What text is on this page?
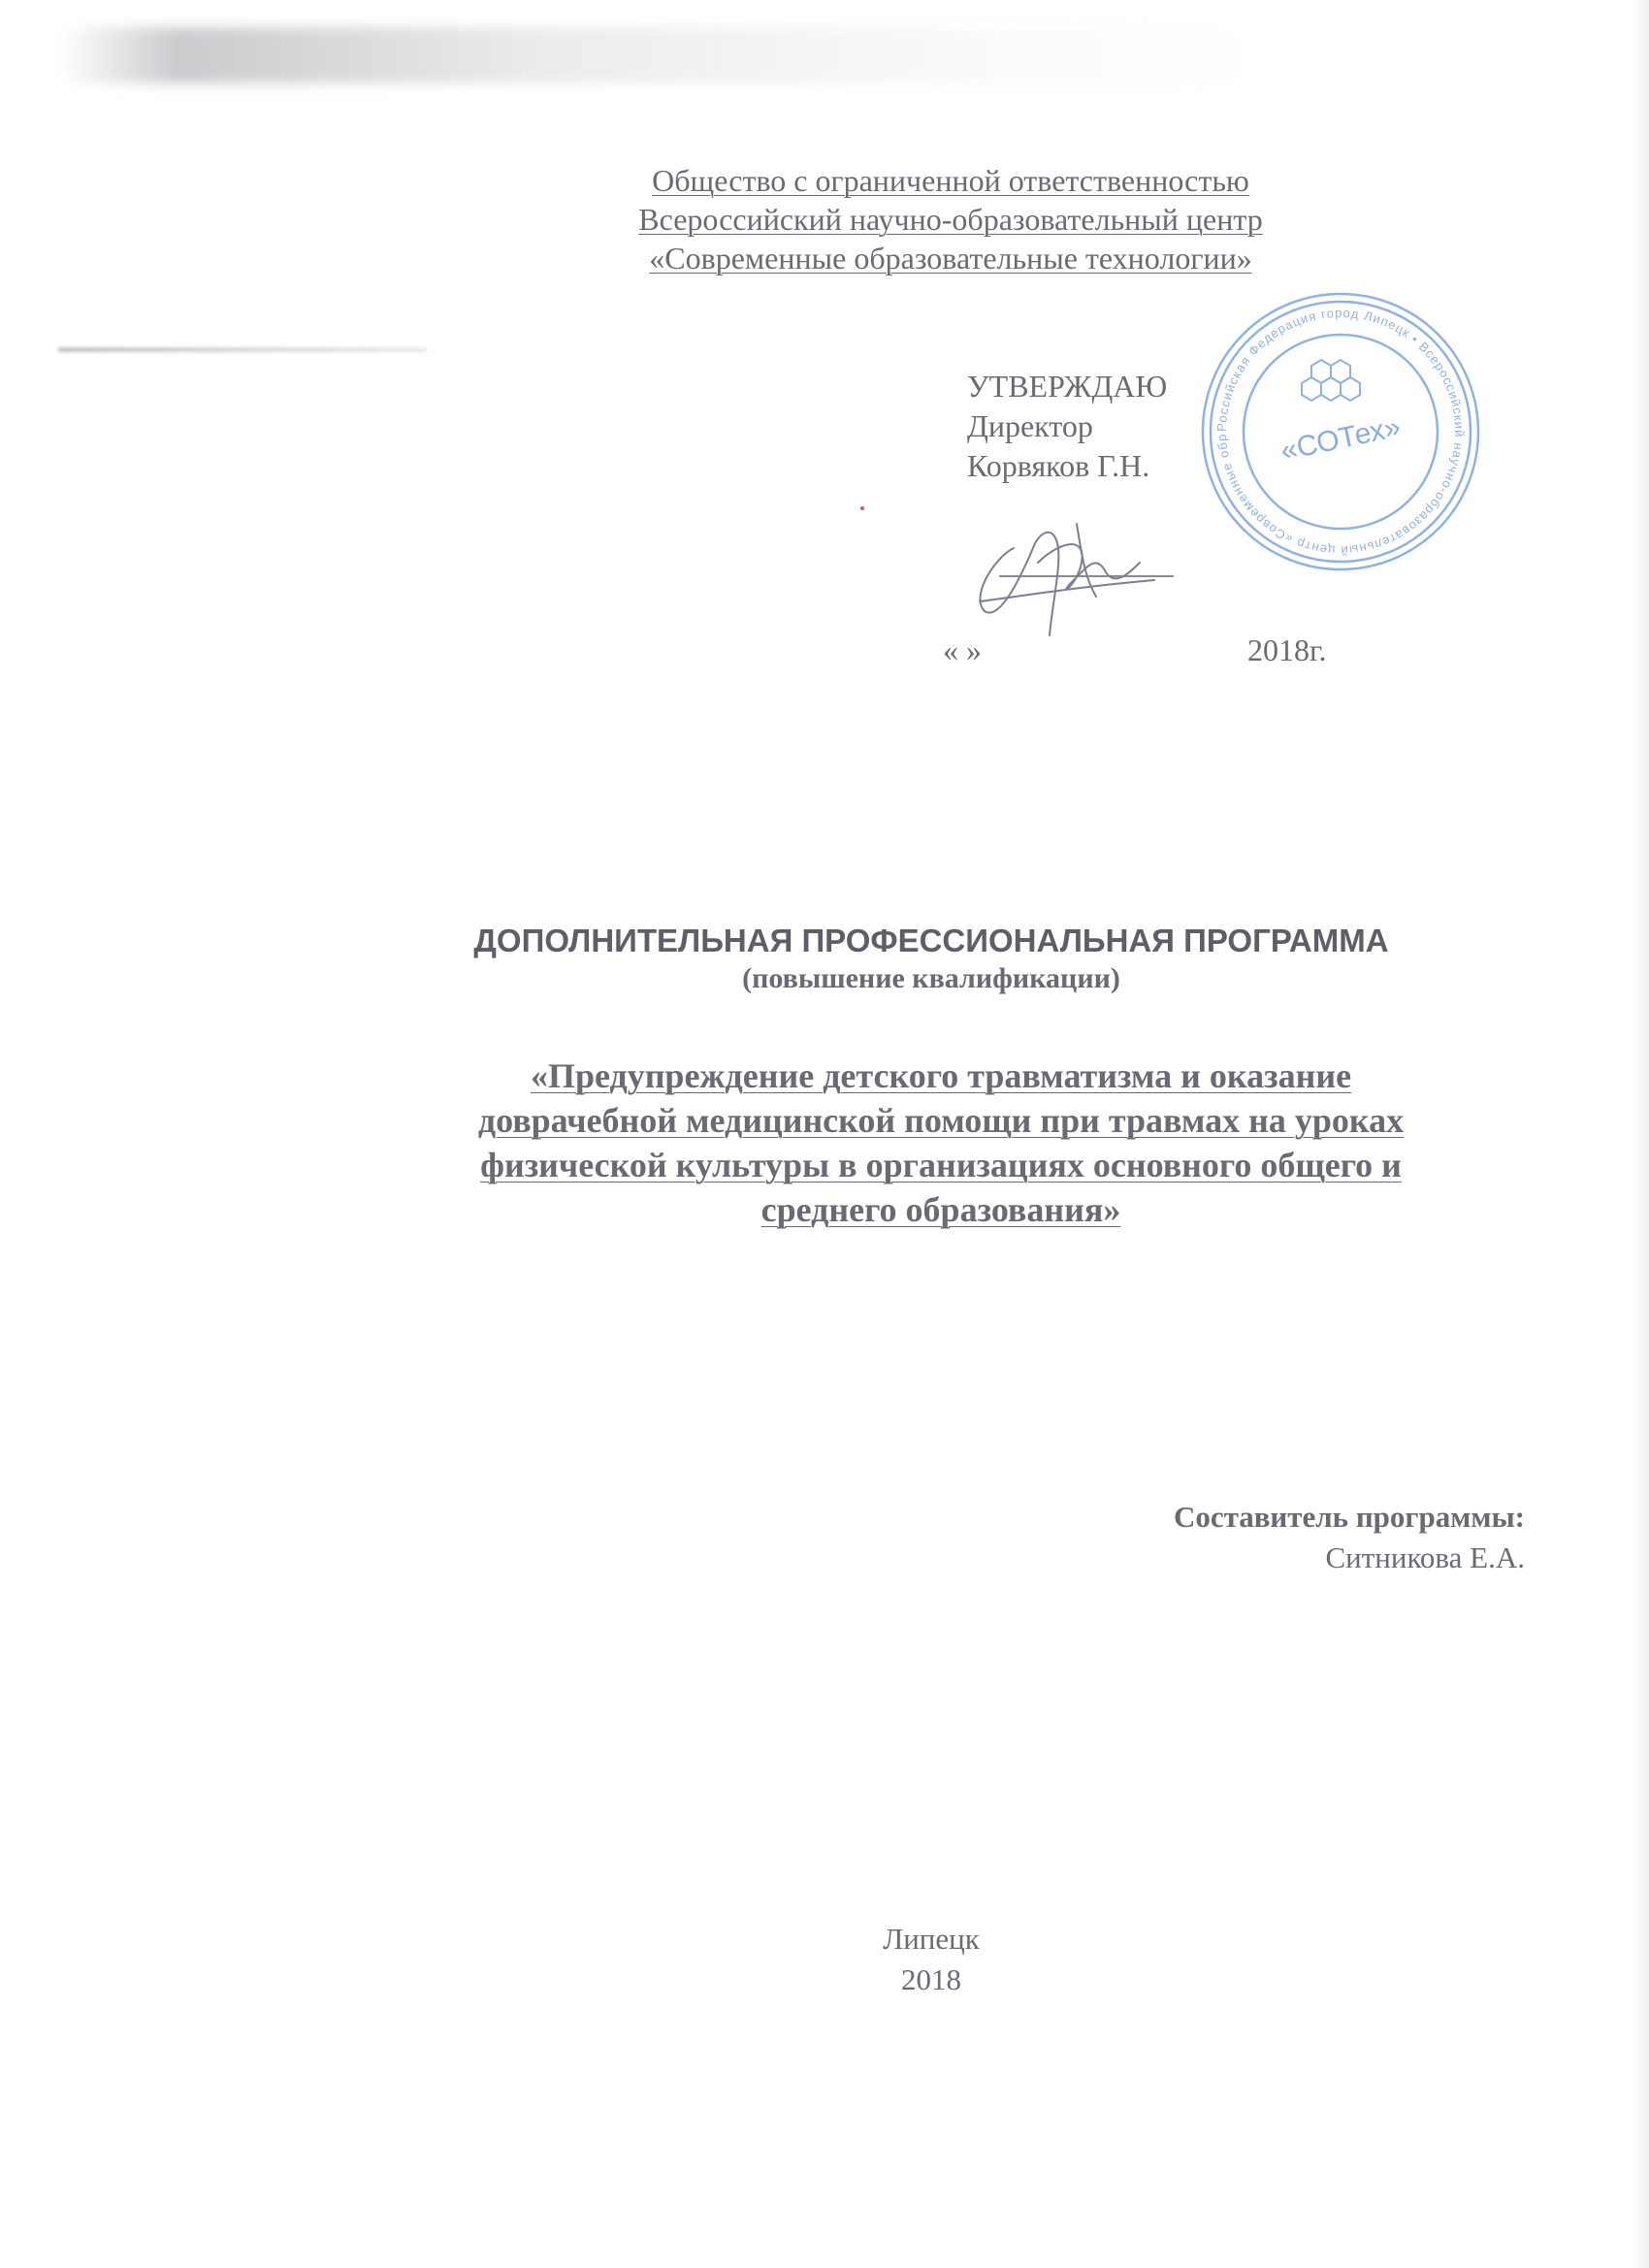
Общество с ограниченной ответственностью
Всероссийский научно-образовательный центр
«Современные образовательные технологии»
УТВЕРЖДАЮ
Директор
Корвяков Г.Н.
Российская Федерация город Липецк • Всероссийский научно-образовательный центр «Современные обр	«СОТех»
« »	2018г.
ДОПОЛНИТЕЛЬНАЯ ПРОФЕССИОНАЛЬНАЯ ПРОГРАММА
(повышение квалификации)
«Предупреждение детского травматизма и оказание
доврачебной медицинской помощи при травмах на уроках
физической культуры в организациях основного общего и
среднего образования»
Составитель программы:
Ситникова Е.А.
Липецк
2018
